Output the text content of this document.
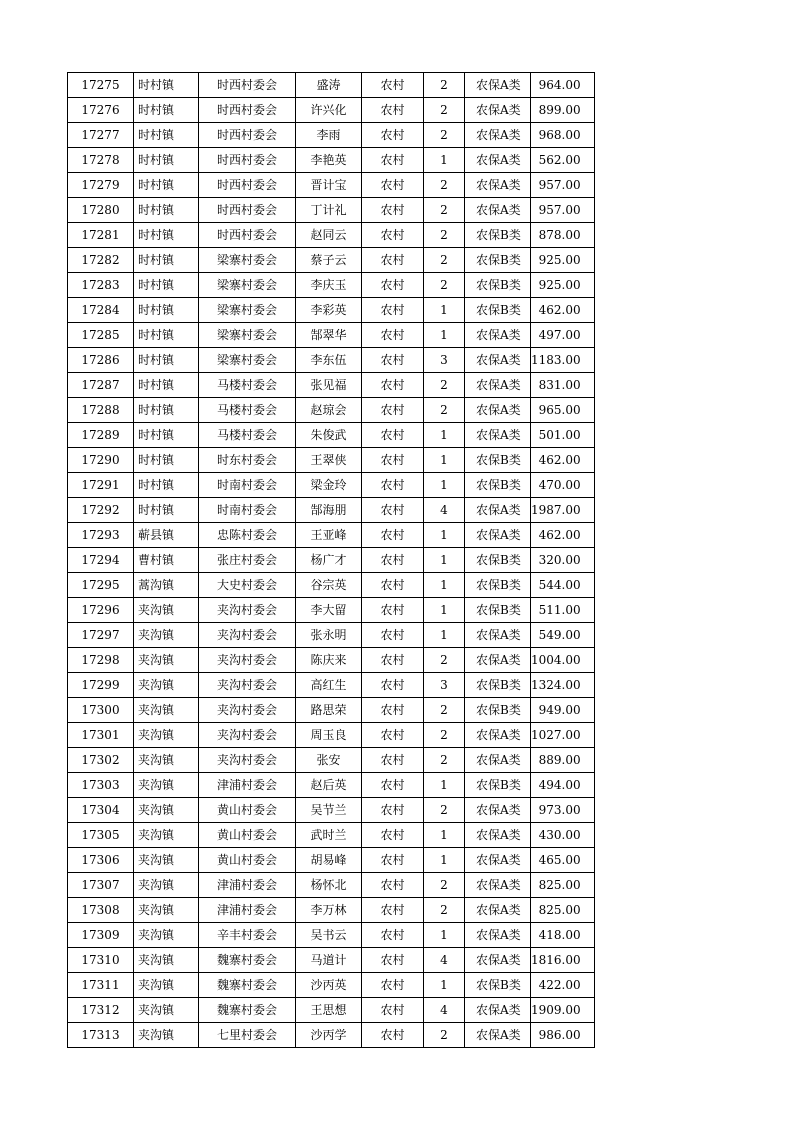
17275	时村镇	时西村委会	盛涛	农村	2	农保A类	964.00
17276	时村镇	时西村委会	许兴化	农村	2	农保A类	899.00
17277	时村镇	时西村委会	李雨	农村	2	农保A类	968.00
17278	时村镇	时西村委会	李艳英	农村	1	农保A类	562.00
17279	时村镇	时西村委会	晋计宝	农村	2	农保A类	957.00
17280	时村镇	时西村委会	丁计礼	农村	2	农保A类	957.00
17281	时村镇	时西村委会	赵同云	农村	2	农保B类	878.00
17282	时村镇	梁寨村委会	蔡子云	农村	2	农保B类	925.00
17283	时村镇	梁寨村委会	李庆玉	农村	2	农保B类	925.00
17284	时村镇	梁寨村委会	李彩英	农村	1	农保B类	462.00
17285	时村镇	梁寨村委会	郜翠华	农村	1	农保A类	497.00
17286	时村镇	梁寨村委会	李东伍	农村	3	农保A类	1183.00
17287	时村镇	马楼村委会	张见福	农村	2	农保A类	831.00
17288	时村镇	马楼村委会	赵琼会	农村	2	农保A类	965.00
17289	时村镇	马楼村委会	朱俊武	农村	1	农保A类	501.00
17290	时村镇	时东村委会	王翠侠	农村	1	农保B类	462.00
17291	时村镇	时南村委会	梁金玲	农村	1	农保B类	470.00
17292	时村镇	时南村委会	郜海朋	农村	4	农保A类	1987.00
17293	蕲县镇	忠陈村委会	王亚峰	农村	1	农保A类	462.00
17294	曹村镇	张庄村委会	杨广才	农村	1	农保B类	320.00
17295	蒿沟镇	大史村委会	谷宗英	农村	1	农保B类	544.00
17296	夹沟镇	夹沟村委会	李大留	农村	1	农保B类	511.00
17297	夹沟镇	夹沟村委会	张永明	农村	1	农保A类	549.00
17298	夹沟镇	夹沟村委会	陈庆来	农村	2	农保A类	1004.00
17299	夹沟镇	夹沟村委会	高红生	农村	3	农保B类	1324.00
17300	夹沟镇	夹沟村委会	路思荣	农村	2	农保B类	949.00
17301	夹沟镇	夹沟村委会	周玉良	农村	2	农保A类	1027.00
17302	夹沟镇	夹沟村委会	张安	农村	2	农保A类	889.00
17303	夹沟镇	津浦村委会	赵后英	农村	1	农保B类	494.00
17304	夹沟镇	黄山村委会	吴节兰	农村	2	农保A类	973.00
17305	夹沟镇	黄山村委会	武时兰	农村	1	农保A类	430.00
17306	夹沟镇	黄山村委会	胡易峰	农村	1	农保A类	465.00
17307	夹沟镇	津浦村委会	杨怀北	农村	2	农保A类	825.00
17308	夹沟镇	津浦村委会	李万林	农村	2	农保A类	825.00
17309	夹沟镇	辛丰村委会	吴书云	农村	1	农保A类	418.00
17310	夹沟镇	魏寨村委会	马道计	农村	4	农保A类	1816.00
17311	夹沟镇	魏寨村委会	沙丙英	农村	1	农保B类	422.00
17312	夹沟镇	魏寨村委会	王思想	农村	4	农保A类	1909.00
17313	夹沟镇	七里村委会	沙丙学	农村	2	农保A类	986.00
